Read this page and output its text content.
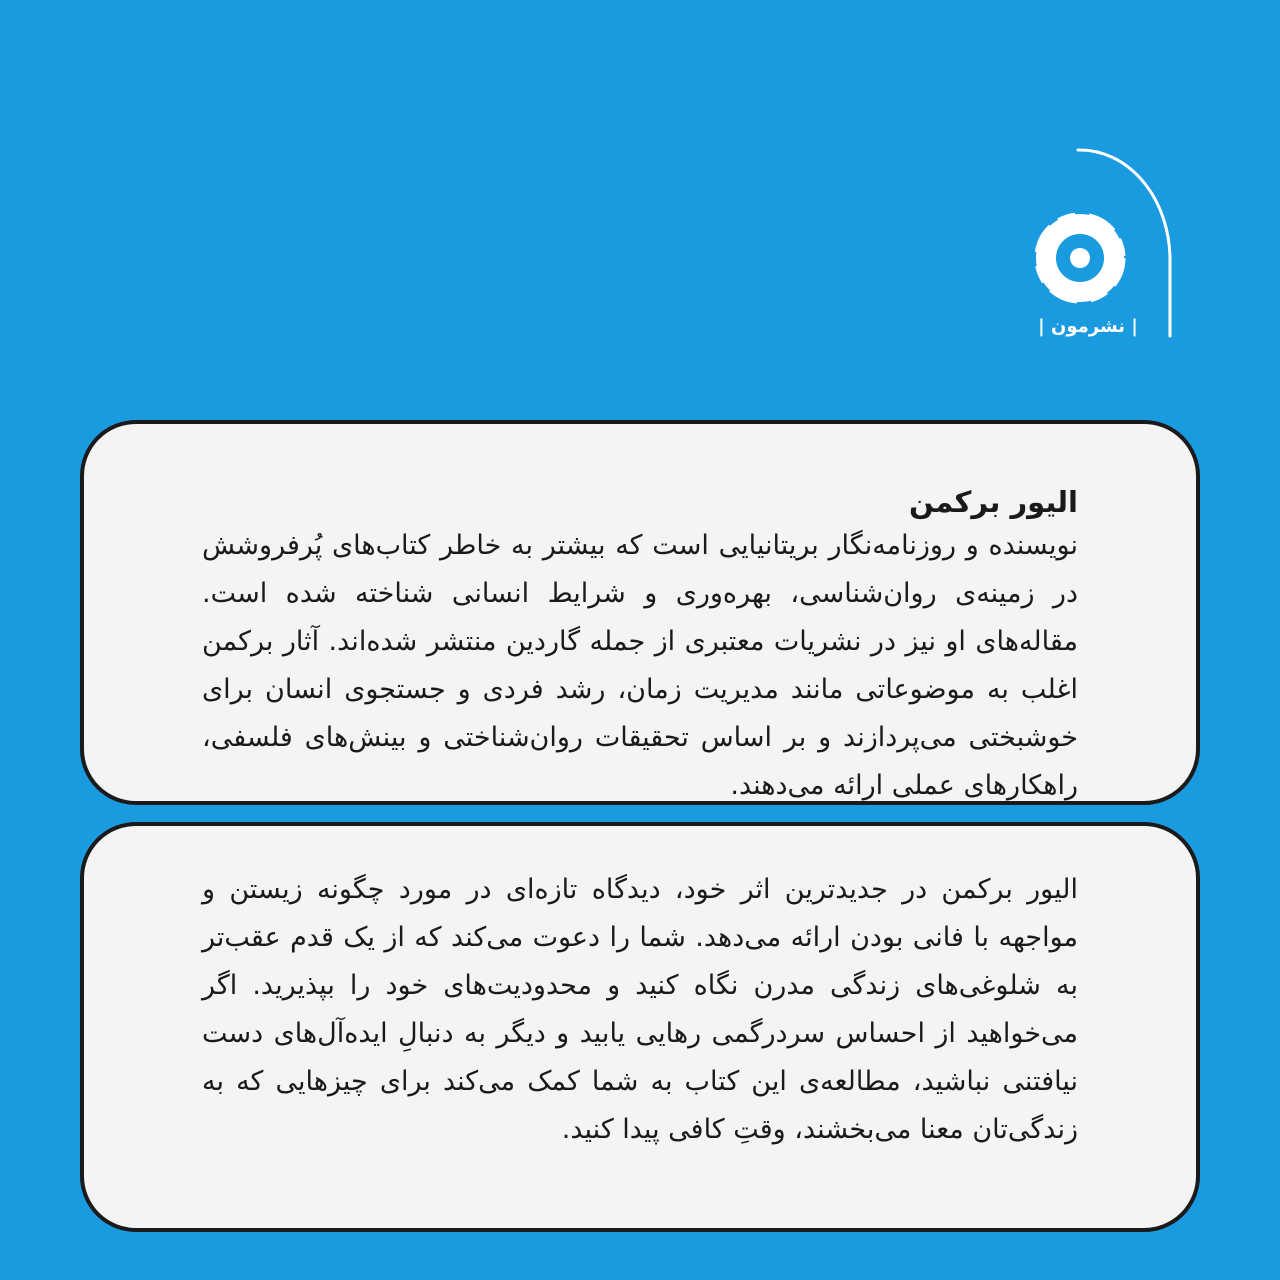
| نشرمون |

الیور برکمن

نویسنده و روزنامه‌نگار بریتانیایی است که بیشتر به خاطر کتاب‌های پُرفروشش در زمینه‌ی روان‌شناسی، بهره‌وری و شرایط انسانی شناخته شده است. مقاله‌های او نیز در نشریات معتبری از جمله گاردین منتشر شده‌اند. آثار برکمن اغلب به موضوعاتی مانند مدیریت زمان، رشد فردی و جستجوی انسان برای خوشبختی می‌پردازند و بر اساس تحقیقات روان‌شناختی و بینش‌های فلسفی، راهکارهای عملی ارائه می‌دهند.

الیور برکمن در جدیدترین اثر خود، دیدگاه تازه‌ای در مورد چگونه زیستن و مواجهه با فانی بودن ارائه می‌دهد. شما را دعوت می‌کند که از یک قدم عقب‌تر به شلوغی‌های زندگی مدرن نگاه کنید و محدودیت‌های خود را بپذیرید. اگر می‌خواهید از احساس سردرگمی رهایی یابید و دیگر به دنبالِ ایده‌آل‌های دست نیافتنی نباشید، مطالعه‌ی این کتاب به شما کمک می‌کند برای چیزهایی که به زندگی‌تان معنا می‌بخشند، وقتِ کافی پیدا کنید.
